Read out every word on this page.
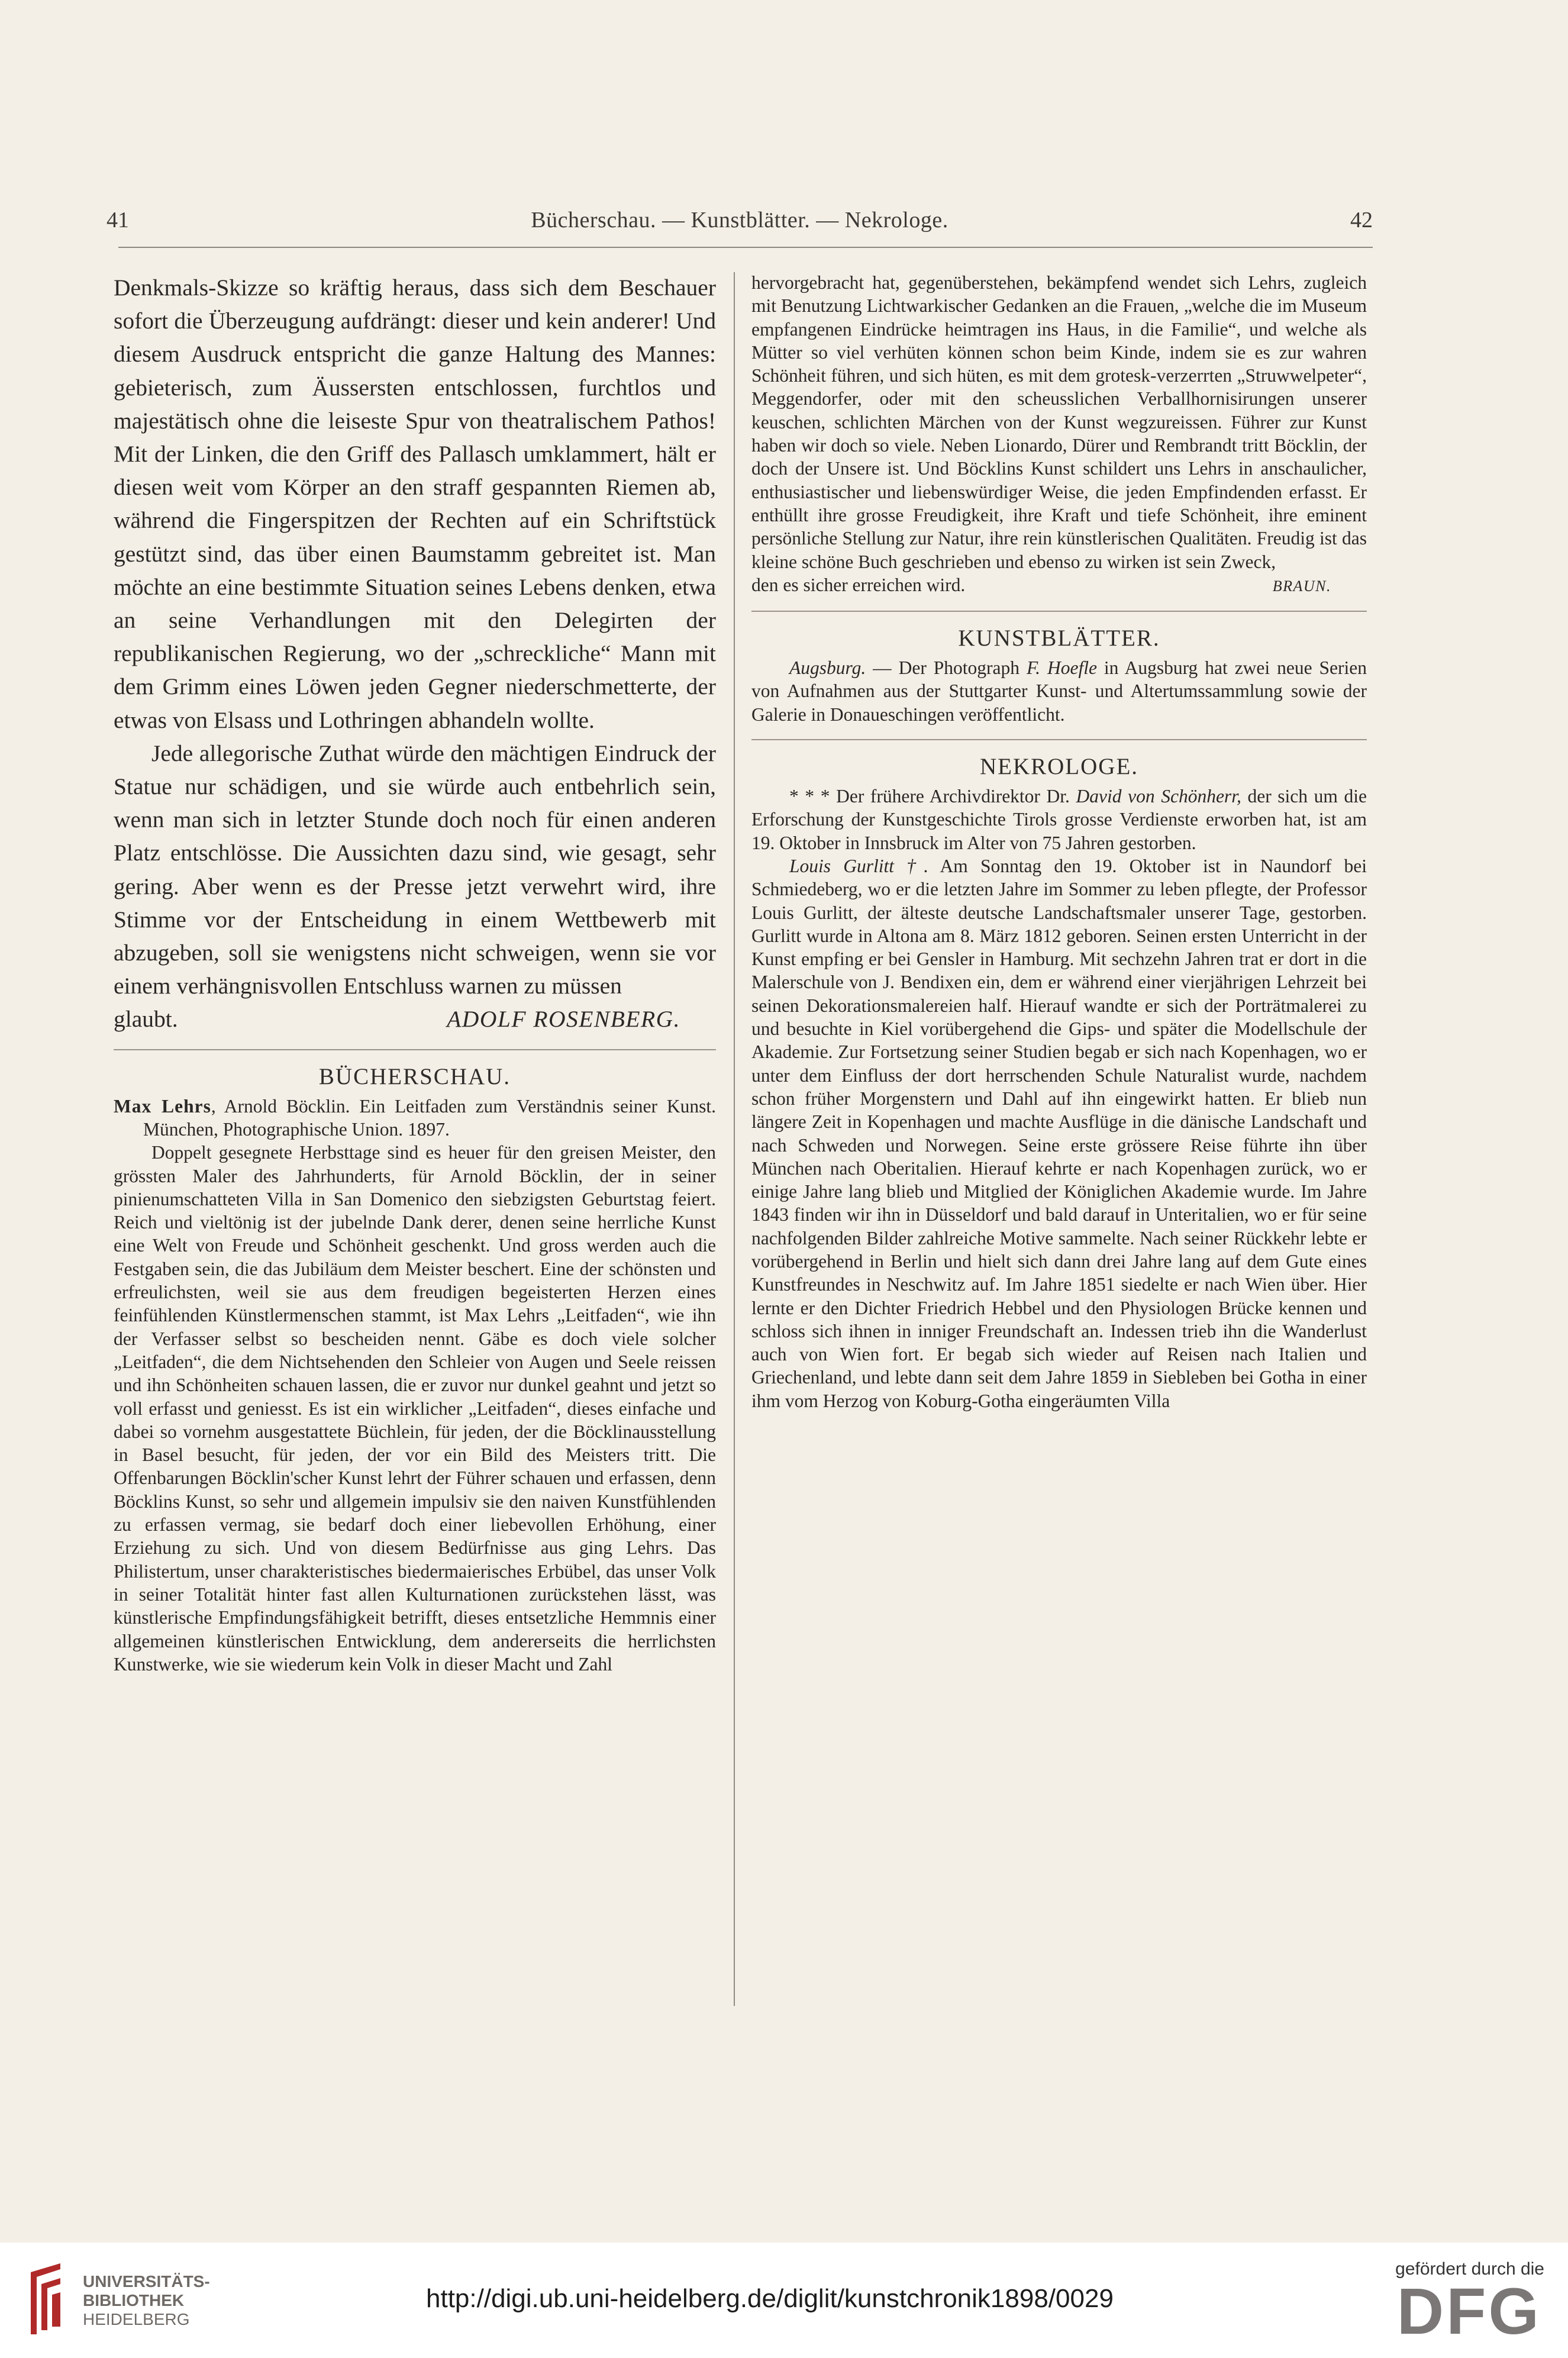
41	Bücherschau. — Kunstblätter. — Nekrologe.	42

Denkmals-Skizze so kräftig heraus, dass sich dem Beschauer sofort die Überzeugung aufdrängt: dieser und kein anderer! Und diesem Ausdruck entspricht die ganze Haltung des Mannes: gebieterisch, zum Äussersten entschlossen, furchtlos und majestätisch ohne die leiseste Spur von theatralischem Pathos! Mit der Linken, die den Griff des Pallasch umklammert, hält er diesen weit vom Körper an den straff gespannten Riemen ab, während die Fingerspitzen der Rechten auf ein Schriftstück gestützt sind, das über einen Baumstamm gebreitet ist. Man möchte an eine bestimmte Situation seines Lebens denken, etwa an seine Verhandlungen mit den Delegirten der republikanischen Regierung, wo der „schreckliche“ Mann mit dem Grimm eines Löwen jeden Gegner niederschmetterte, der etwas von Elsass und Lothringen abhandeln wollte.

Jede allegorische Zuthat würde den mächtigen Eindruck der Statue nur schädigen, und sie würde auch entbehrlich sein, wenn man sich in letzter Stunde doch noch für einen anderen Platz entschlösse. Die Aussichten dazu sind, wie gesagt, sehr gering. Aber wenn es der Presse jetzt verwehrt wird, ihre Stimme vor der Entscheidung in einem Wettbewerb mit abzugeben, soll sie wenigstens nicht schweigen, wenn sie vor einem verhängnisvollen Entschluss warnen zu müssen

glaubt.	ADOLF ROSENBERG.

BÜCHERSCHAU.

Max Lehrs, Arnold Böcklin. Ein Leitfaden zum Verständnis seiner Kunst. München, Photographische Union. 1897.

Doppelt gesegnete Herbsttage sind es heuer für den greisen Meister, den grössten Maler des Jahrhunderts, für Arnold Böcklin, der in seiner pinienumschatteten Villa in San Domenico den siebzigsten Geburtstag feiert. Reich und vieltönig ist der jubelnde Dank derer, denen seine herrliche Kunst eine Welt von Freude und Schönheit geschenkt. Und gross werden auch die Festgaben sein, die das Jubiläum dem Meister beschert. Eine der schönsten und erfreulichsten, weil sie aus dem freudigen begeisterten Herzen eines feinfühlenden Künstlermenschen stammt, ist Max Lehrs „Leitfaden“, wie ihn der Verfasser selbst so bescheiden nennt. Gäbe es doch viele solcher „Leitfaden“, die dem Nichtsehenden den Schleier von Augen und Seele reissen und ihn Schönheiten schauen lassen, die er zuvor nur dunkel geahnt und jetzt so voll erfasst und geniesst. Es ist ein wirklicher „Leitfaden“, dieses einfache und dabei so vornehm ausgestattete Büchlein, für jeden, der die Böcklinausstellung in Basel besucht, für jeden, der vor ein Bild des Meisters tritt. Die Offenbarungen Böcklin'scher Kunst lehrt der Führer schauen und erfassen, denn Böcklins Kunst, so sehr und allgemein impulsiv sie den naiven Kunstfühlenden zu erfassen vermag, sie bedarf doch einer liebevollen Erhöhung, einer Erziehung zu sich. Und von diesem Bedürfnisse aus ging Lehrs. Das Philistertum, unser charakteristisches biedermaierisches Erbübel, das unser Volk in seiner Totalität hinter fast allen Kulturnationen zurückstehen lässt, was künstlerische Empfindungsfähigkeit betrifft, dieses entsetzliche Hemmnis einer allgemeinen künstlerischen Entwicklung, dem andererseits die herrlichsten Kunstwerke, wie sie wiederum kein Volk in dieser Macht und Zahl

hervorgebracht hat, gegenüberstehen, bekämpfend wendet sich Lehrs, zugleich mit Benutzung Lichtwarkischer Gedanken an die Frauen, „welche die im Museum empfangenen Eindrücke heimtragen ins Haus, in die Familie“, und welche als Mütter so viel verhüten können schon beim Kinde, indem sie es zur wahren Schönheit führen, und sich hüten, es mit dem grotesk-verzerrten „Struwwelpeter“, Meggendorfer, oder mit den scheusslichen Verballhornisirungen unserer keuschen, schlichten Märchen von der Kunst wegzureissen. Führer zur Kunst haben wir doch so viele. Neben Lionardo, Dürer und Rembrandt tritt Böcklin, der doch der Unsere ist. Und Böcklins Kunst schildert uns Lehrs in anschaulicher, enthusiastischer und liebenswürdiger Weise, die jeden Empfindenden erfasst. Er enthüllt ihre grosse Freudigkeit, ihre Kraft und tiefe Schönheit, ihre eminent persönliche Stellung zur Natur, ihre rein künstlerischen Qualitäten. Freudig ist das kleine schöne Buch geschrieben und ebenso zu wirken ist sein Zweck,

den es sicher erreichen wird.	BRAUN.

KUNSTBLÄTTER.

Augsburg. — Der Photograph F. Hoefle in Augsburg hat zwei neue Serien von Aufnahmen aus der Stuttgarter Kunst- und Altertumssammlung sowie der Galerie in Donaueschingen veröffentlicht.

NEKROLOGE.

* * * Der frühere Archivdirektor Dr. David von Schönherr, der sich um die Erforschung der Kunstgeschichte Tirols grosse Verdienste erworben hat, ist am 19. Oktober in Innsbruck im Alter von 75 Jahren gestorben.

Louis Gurlitt †. Am Sonntag den 19. Oktober ist in Naundorf bei Schmiedeberg, wo er die letzten Jahre im Sommer zu leben pflegte, der Professor Louis Gurlitt, der älteste deutsche Landschaftsmaler unserer Tage, gestorben. Gurlitt wurde in Altona am 8. März 1812 geboren. Seinen ersten Unterricht in der Kunst empfing er bei Gensler in Hamburg. Mit sechzehn Jahren trat er dort in die Malerschule von J. Bendixen ein, dem er während einer vierjährigen Lehrzeit bei seinen Dekorationsmalereien half. Hierauf wandte er sich der Porträtmalerei zu und besuchte in Kiel vorübergehend die Gips- und später die Modellschule der Akademie. Zur Fortsetzung seiner Studien begab er sich nach Kopenhagen, wo er unter dem Einfluss der dort herrschenden Schule Naturalist wurde, nachdem schon früher Morgenstern und Dahl auf ihn eingewirkt hatten. Er blieb nun längere Zeit in Kopenhagen und machte Ausflüge in die dänische Landschaft und nach Schweden und Norwegen. Seine erste grössere Reise führte ihn über München nach Oberitalien. Hierauf kehrte er nach Kopenhagen zurück, wo er einige Jahre lang blieb und Mitglied der Königlichen Akademie wurde. Im Jahre 1843 finden wir ihn in Düsseldorf und bald darauf in Unteritalien, wo er für seine nachfolgenden Bilder zahlreiche Motive sammelte. Nach seiner Rückkehr lebte er vorübergehend in Berlin und hielt sich dann drei Jahre lang auf dem Gute eines Kunstfreundes in Neschwitz auf. Im Jahre 1851 siedelte er nach Wien über. Hier lernte er den Dichter Friedrich Hebbel und den Physiologen Brücke kennen und schloss sich ihnen in inniger Freundschaft an. Indessen trieb ihn die Wanderlust auch von Wien fort. Er begab sich wieder auf Reisen nach Italien und Griechenland, und lebte dann seit dem Jahre 1859 in Siebleben bei Gotha in einer ihm vom Herzog von Koburg-Gotha eingeräumten Villa

UNIVERSITÄTS-
BIBLIOTHEK
HEIDELBERG
http://digi.ub.uni-heidelberg.de/diglit/kunstchronik1898/0029
gefördert durch die
DFG
